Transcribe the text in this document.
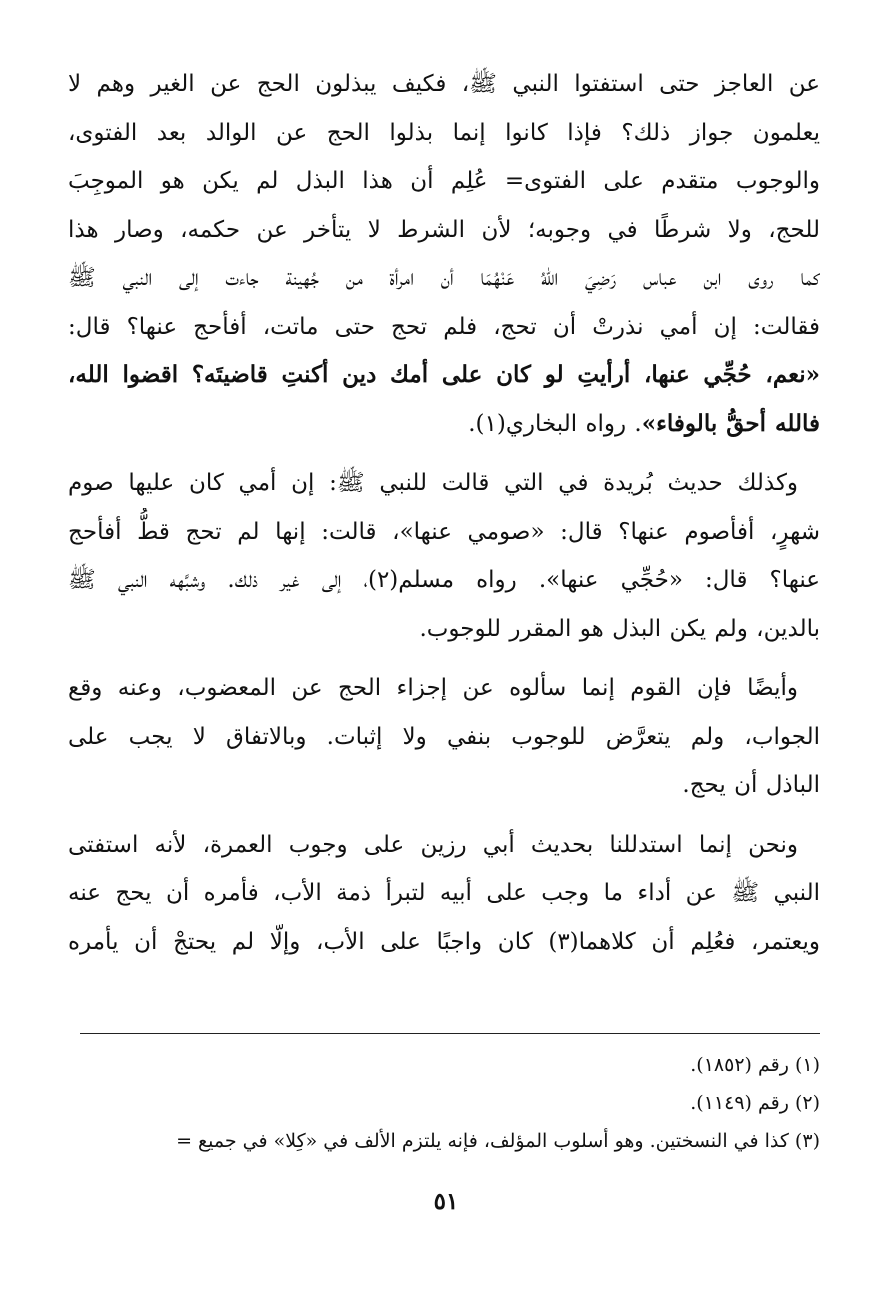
عن العاجز حتى استفتوا النبي ﷺ، فكيف يبذلون الحج عن الغير وهم لا
يعلمون جواز ذلك؟ فإذا كانوا إنما بذلوا الحج عن الوالد بعد الفتوى،
والوجوب متقدم على الفتوى= عُلِم أن هذا البذل لم يكن هو الموجِبَ
للحج، ولا شرطًا في وجوبه؛ لأن الشرط لا يتأخر عن حكمه، وصار هذا
كما روى ابن عباس رَضِيَ اللهُ عَنْهُمَا أن امرأة من جُهينة جاءت إلى النبي ﷺ
فقالت: إن أمي نذرتْ أن تحج، فلم تحج حتى ماتت، أفأحج عنها؟ قال:
«نعم، حُجِّي عنها، أرأيتِ لو كان على أمك دين أكنتِ قاضيتَه؟ اقضوا الله،
فالله أحقُّ بالوفاء». رواه البخاري(١).

وكذلك حديث بُريدة في التي قالت للنبي ﷺ: إن أمي كان عليها صوم
شهرٍ، أفأصوم عنها؟ قال: «صومي عنها»، قالت: إنها لم تحج قطُّ أفأحج
عنها؟ قال: «حُجِّي عنها». رواه مسلم(٢)، إلى غير ذلك. وشبَّهه النبي ﷺ
بالدين، ولم يكن البذل هو المقرر للوجوب.

وأيضًا فإن القوم إنما سألوه عن إجزاء الحج عن المعضوب، وعنه وقع
الجواب، ولم يتعرَّض للوجوب بنفي ولا إثبات. وبالاتفاق لا يجب على
الباذل أن يحج.

ونحن إنما استدللنا بحديث أبي رزين على وجوب العمرة، لأنه استفتى
النبي ﷺ عن أداء ما وجب على أبيه لتبرأ ذمة الأب، فأمره أن يحج عنه
ويعتمر، فعُلِم أن كلاهما(٣) كان واجبًا على الأب، وإلّا لم يحتجْ أن يأمره

(١) رقم (١٨٥٢).
(٢) رقم (١١٤٩).
(٣) كذا في النسختين. وهو أسلوب المؤلف، فإنه يلتزم الألف في «كِلا» في جميع =
٥١
